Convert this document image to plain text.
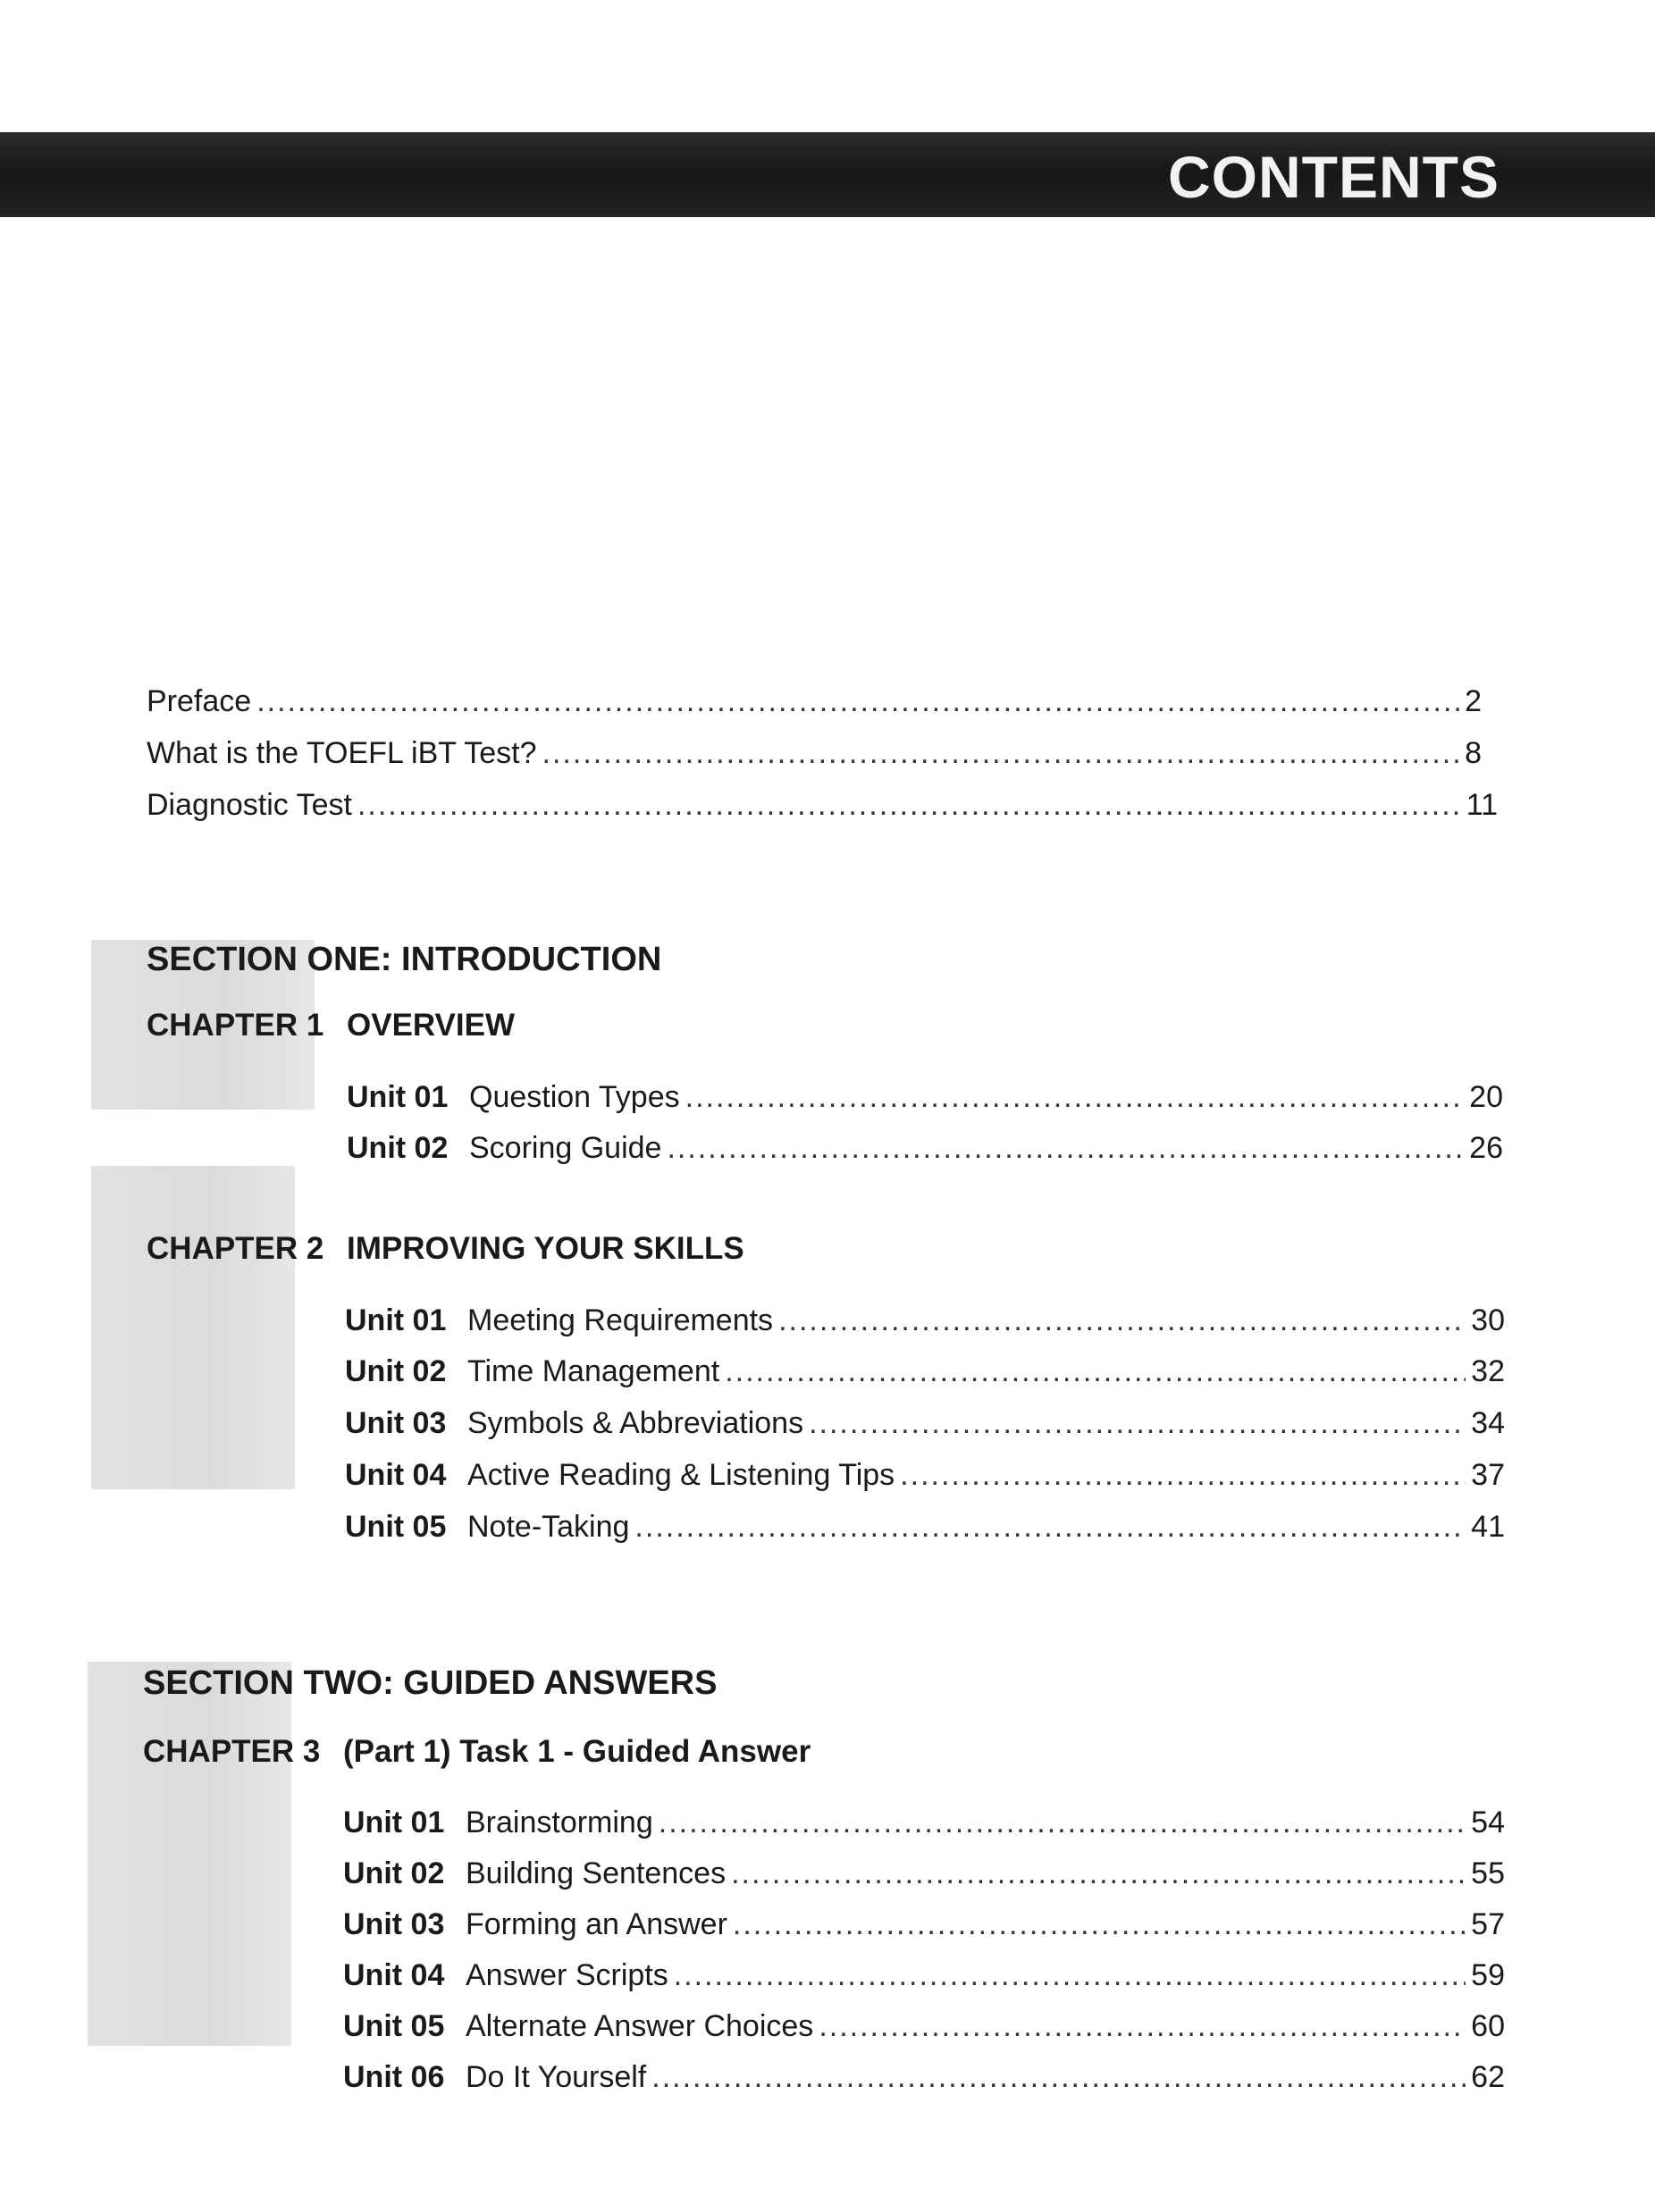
CONTENTS
Preface .....	2
What is the TOEFL iBT Test? .....	8
Diagnostic Test .....	11
SECTION ONE: INTRODUCTION
CHAPTER 1 OVERVIEW
Unit 01 Question Types .....	20
Unit 02 Scoring Guide .....	26
CHAPTER 2 IMPROVING YOUR SKILLS
Unit 01 Meeting Requirements .....	30
Unit 02 Time Management .....	32
Unit 03 Symbols & Abbreviations .....	34
Unit 04 Active Reading & Listening Tips .....	37
Unit 05 Note-Taking .....	41
SECTION TWO: GUIDED ANSWERS
CHAPTER 3 (Part 1) Task 1 - Guided Answer
Unit 01 Brainstorming .....	54
Unit 02 Building Sentences .....	55
Unit 03 Forming an Answer .....	57
Unit 04 Answer Scripts .....	59
Unit 05 Alternate Answer Choices .....	60
Unit 06 Do It Yourself .....	62
